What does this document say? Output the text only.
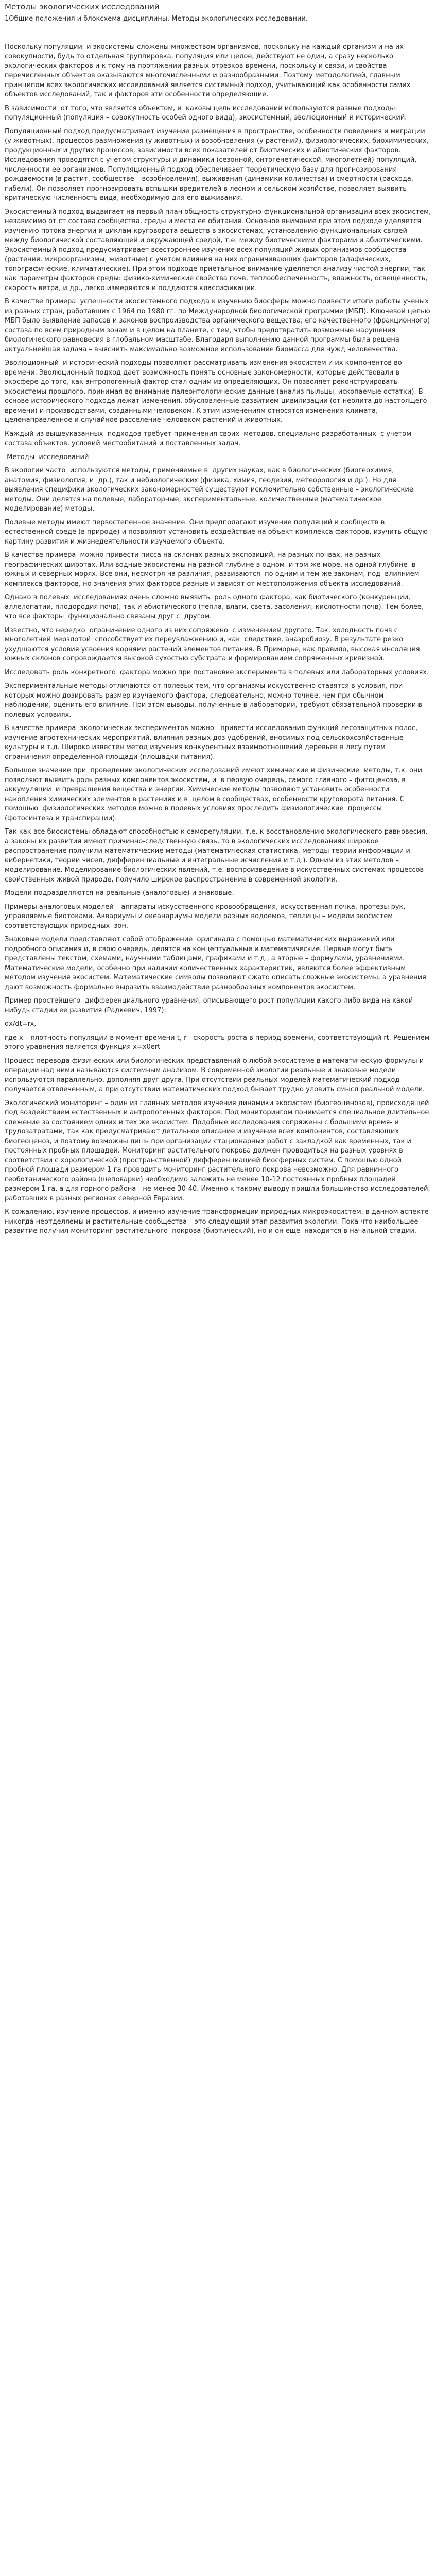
Методы экологических исследований

1Общие положения и блоксхема дисциплины. Методы экологических исследовании.

Поскольку популяции  и экосистемы сложены множеством организмов, поскольку на каждый организм и на их совокупности, будь то отдельная группировка, популяция или целое, действуют не один, а сразу несколько экологических факторов и к тому на протяжении разных отрезков времени, поскольку и связи, и свойства перечисленных объектов оказываются многочисленными и разнообразными. Поэтому методологией, главным принципом всех экологических исследований является системный подход, учитывающий как особенности самих объектов исследований, так и факторов эти особенности определяющие.

В зависимости  от того, что является объектом, и  каковы цель исследований используются разные подходы: популяционный (популяция – совокупность особей одного вида), экосистемный, эволюционный и исторический.

Популяционный подход предусматривает изучение размещения в пространстве, особенности поведения и миграции (у животных), процессов размножения (у животных) и возобновления (у растений), физиологических, биохимических, продукционных и других процессов, зависимости всех показателей от биотических и абиотических факторов. Исследования проводятся с учетом структуры и динамики (сезонной, онтогенетической, многолетней) популяций, численности ее организмов. Популяционный подход обеспечивает теоретическую базу для прогнозирования рождаемости (в растит. сообществе – возобновления), выживания (динамики количества) и смертности (расхода, гибели). Он позволяет прогнозировать вспышки вредителей в лесном и сельском хозяйстве, позволяет выявить критическую численность вида, необходимую для его выживания.

Экосистемный подход выдвигает на первый план общность структурно-функциональной организации всех экосистем, независимо от ст состава сообщества, среды и места ее обитания. Основное внимание при этом подходе уделяется изучению потока энергии и циклам круговорота веществ в экосистемах, установлению функциональных связей между биологической составляющей и окружающей средой, т.е. между биотическими факторами и абиотическими. Экосистемный подход предусматривает всестороннее изучение всех популяций живых организмов сообщества (растения, микроорганизмы, животные) с учетом влияния на них ограничивающих факторов (эдафических, топографические, климатические). При этом подходе приетальное внимание уделяется анализу чистой энергии, так как параметры факторов среды: физико-химические свойства почв, теплообеспеченность, влажность, освещенность, скорость ветра, и др., легко измеряются и поддаются классификации.

В качестве примера  успешности экосистемного подхода к изучению биосферы можно привести итоги работы ученых из разных стран, работавших с 1964 по 1980 гг. по Международной биологической программе (МБП). Ключевой целью МБП было выявление запасов и законов воспроизводства органического вещества, его качественного (фракционного) состава по всем природным зонам и в целом на планете, с тем, чтобы предотвратить возможные нарушения биологического равновесия в глобальном масштабе. Благодаря выполнению данной программы была решена актуальнейшая задача – выяснить максимально возможное использование биомасса для нужд человечества.

Эволюционный  и исторический подходы позволяют рассматривать изменения экосистем и их компонентов во времени. Эволюционный подход дает возможность понять основные закономерности, которые действовали в экосфере до того, как антропогенный фактор стал одним из определяющих. Он позволяет реконструировать экосистемы прошлого, принимая во внимание палеонтологические данные (анализ пыльцы, ископаемые остатки). В основе исторического подхода лежат изменения, обусловленные развитием цивилизации (от неолита до настоящего времени) и производствами, созданными человеком. К этим изменениям относятся изменения климата, целенаправленное и случайное расселение человеком растений и животных.

Каждый из вышеуказанных  подходов требует применения своих  методов, специально разработанных  с учетом состава объектов, условий местообитаний и поставленных задач.

Методы  исследований

В экологии часто  используются методы, применяемые в  других науках, как в биологических (биогеохимия, анатомия, физиология, и  др.), так и небиологических (физика, химия, геодезия, метеорология и др.). Но для выявления специфики экологических закономерностей существуют исключительно собственные – экологические методы. Они делятся на полевые, лабораторные, экспериментальные, количественные (математическое моделирование) методы.

Полевые методы имеют первостепенное значение. Они предполагают изучение популяций и сообществ в естественной среде (в природе) и позволяют установить воздействие на объект комплекса факторов, изучить общую картину развития и жизнедеятельности изучаемого объекта.

В качестве примера  можно привести писса на склонах разных экспозиций, на разных почвах, на разных географических широтах. Или водные экосистемы на разной глубине в одном  и том же море, на одной глубине  в южных и северных морях. Все они, несмотря на различия, развиваются  по одним и тем же законам, под  влиянием комплекса факторов, но значения этих факторов разные и зависят от местоположения объекта исследований.

Однако в полевых  исследованиях очень сложно выявить  роль одного фактора, как биотического (конкуренции, аллелопатии, плодородия почв), так и абиотического (тепла, влаги, света, засоления, кислотности почв). Тем более, что все факторы  функционально связаны друг с  другом.

Известно, что нередко  ограничение одного из них сопряжено  с изменением другого. Так, холодность почв с многолетней мерзлотой  способствует их переувлажнению и, как  следствие, анаэробиозу. В результате резко ухудшаются условия усвоения корнями растений элементов питания. В Приморье, как правило, высокая инсоляция южных склонов сопровождается высокой сухостью субстрата и формированием сопряженных кривизной.

Исследовать роль конкретного  фактора можно при постановке эксперимента в полевых или лабораторных условиях.

Экспериментальные методы отличаются от полевых тем, что организмы искусственно ставятся в условия, при которых можно дозировать размер изучаемого фактора, следовательно, можно точнее, чем при обычном наблюдении, оценить его влияние. При этом выводы, полученные в лаборатории, требуют обязательной проверки в полевых условиях.

В качестве примера  экологических экспериментов можно   привести исследования функций лесозащитных полос, изучение агротехнических мероприятий, влияния разных доз удобрений, вносимых под сельскохозяйственные культуры и т.д. Широко известен метод изучения конкурентных взаимоотношений деревьев в лесу путем ограничения определенной площади (площадки питания).

Большое значение при  проведении экологических исследований имеют химические и физические  методы, т.к. они позволяют выявить роль разных компонентов экосистем, и  в первую очередь, самого главного – фитоценоза, в аккумуляции  и превращения вещества и энергии. Химические методы позволяют установить особенности накопления химических элементов в растениях и в  целом в сообществах, особенности круговорота питания. С помощью  физиологических методов можно в полевых условиях проследить физиологические  процессы (фотосинтеза и транспирации).

Так как все биосистемы обладают способностью к саморегуляции, т.е. к восстановлению экологического равновесия, а законы их развития имеют причинно-следственную связь, то в экологических исследованиях широкое распространение получили математические методы (математическая статистика, методы теории информации и кибернетики, теории чисел, дифференциальные и интегральные исчисления и т.д.). Одним из этих методов – моделирование. Моделирование биологических явлений, т.е. воспроизведение в искусственных системах процессов свойственных живой природе, получило широкое распространение в современной экологии.

Модели подразделяются на реальные (аналоговые) и знаковые.

Примеры аналоговых моделей – аппараты искусственного кровообращения, искусственная почка, протезы рук, управляемые биотоками. Аквариумы и океанариумы модели разных водоемов, теплицы – модели экосистем соответствующих природных  зон.

Знаковые модели представляют собой отображение  оригинала с помощью математических выражений или подробного описания и, в свою очередь, делятся на концептуальные и математические. Первые могут быть представлены текстом, схемами, научными таблицами, графиками и т.д., а вторые – формулами, уравнениями. Математические модели, особенно при наличии количественных характеристик, являются более эффективным методом изучения экосистем. Математические символы позволяют сжато описать сложные экосистемы, а уравнения дают возможность формально выразить взаимодействие разнообразных компонентов экосистем.

Пример простейшего  дифференциального уравнения, описывающего рост популяции какого-либо вида на какой-нибудь стадии ее развития (Радкевич, 1997):

dx/dt=rx,

где x – плотность популяции в момент времени t, r - скорость роста в период времени, соответствующий rt. Решением этого уравнения является функция x=x0ert

Процесс перевода физических или биологических представлений о любой экосистеме в математическую формулы и операции над ними называются системным анализом. В современной экологии реальные и знаковые модели используются параллельно, дополняя друг друга. При отсутствии реальных моделей математический подход получается отвлеченным, а при отсутствии математических подход бывает трудно уловить смысл реальной модели.

Экологический мониторинг – один из главных методов изучения динамики экосистем (биогеоценозов), происходящей под воздействием естественных и антропогенных факторов. Под мониторингом понимается специальное длительное слежение за состоянием одних и тех же экосистем. Подобные исследования сопряжены с большими время- и трудозатратами, так как предусматривают детальное описание и изучение всех компонентов, составляющих биогеоценоз, и поэтому возможны лишь при организации стационарных работ с закладкой как временных, так и постоянных пробных площадей. Мониторинг растительного покрова должен проводиться на разных уровнях в соответствии с хорологической (пространственной) дифференциацией биосферных систем. С помощью одной пробной площади размером 1 га проводить мониторинг растительного покрова невозможно. Для равнинного геоботанического района (шеповарки) необходимо заложить не менее 10-12 постоянных пробных площадей размером 1 га, а для горного района - не менее 30-40. Именно к такому выводу пришли большинство исследователей, работавших в разных регионах северной Евразии.

К сожалению, изучение процессов, и именно изучение трансформации природных микроэкосистем, в данном аспекте никогда неотделяемы и растительные сообщества – это следующий этап развития экологии. Пока что наибольшее развитие получил мониторинг растительного  покрова (биотический), но и он еще  находится в начальной стадии.
